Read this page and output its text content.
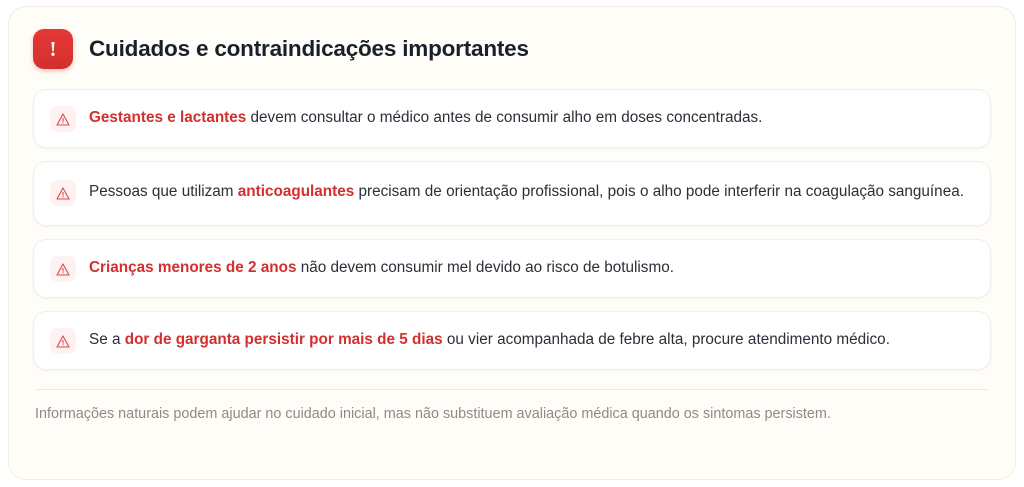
! Cuidados e contraindicações importantes
Gestantes e lactantes devem consultar o médico antes de consumir alho em doses concentradas.
Pessoas que utilizam anticoagulantes precisam de orientação profissional, pois o alho pode interferir na coagulação sanguínea.
Crianças menores de 2 anos não devem consumir mel devido ao risco de botulismo.
Se a dor de garganta persistir por mais de 5 dias ou vier acompanhada de febre alta, procure atendimento médico.
Informações naturais podem ajudar no cuidado inicial, mas não substituem avaliação médica quando os sintomas persistem.
